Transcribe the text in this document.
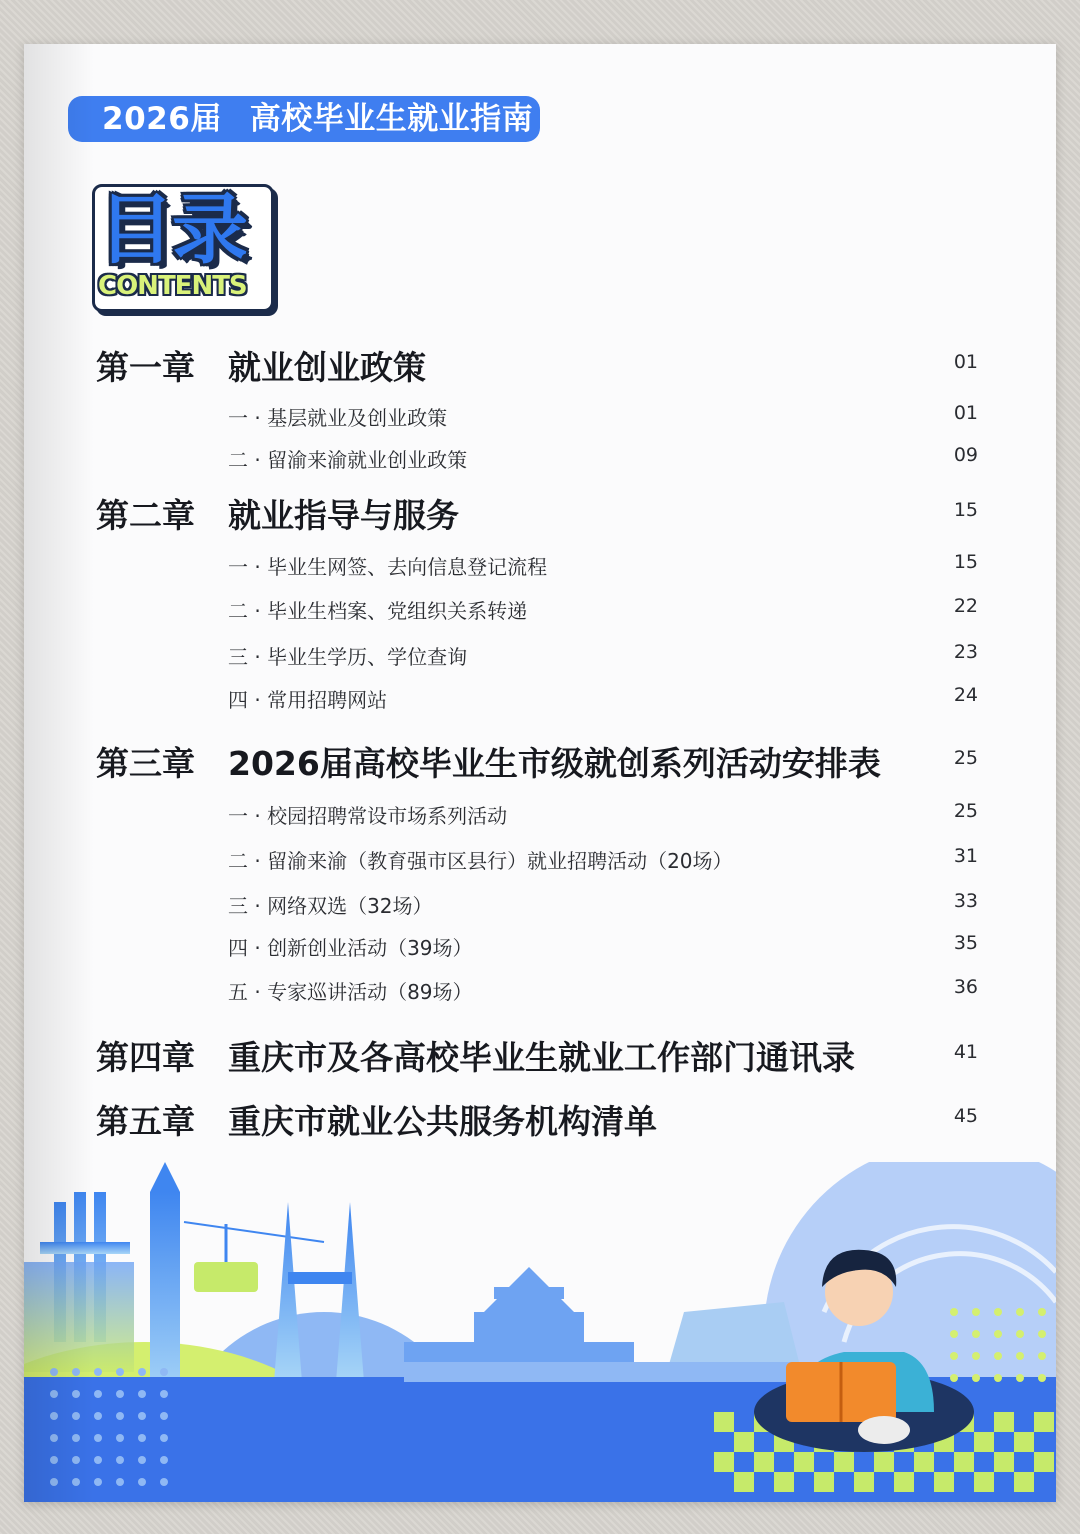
2026届 高校毕业生就业指南
目录
CONTENTS
第一章 就业创业政策	01
一 · 基层就业及创业政策	01
二 · 留渝来渝就业创业政策	09
第二章 就业指导与服务	15
一 · 毕业生网签、去向信息登记流程	15
二 · 毕业生档案、党组织关系转递	22
三 · 毕业生学历、学位查询	23
四 · 常用招聘网站	24
第三章 2026届高校毕业生市级就创系列活动安排表	25
一 · 校园招聘常设市场系列活动	25
二 · 留渝来渝（教育强市区县行）就业招聘活动（20场）	31
三 · 网络双选（32场）	33
四 · 创新创业活动（39场）	35
五 · 专家巡讲活动（89场）	36
第四章 重庆市及各高校毕业生就业工作部门通讯录	41
第五章 重庆市就业公共服务机构清单	45
